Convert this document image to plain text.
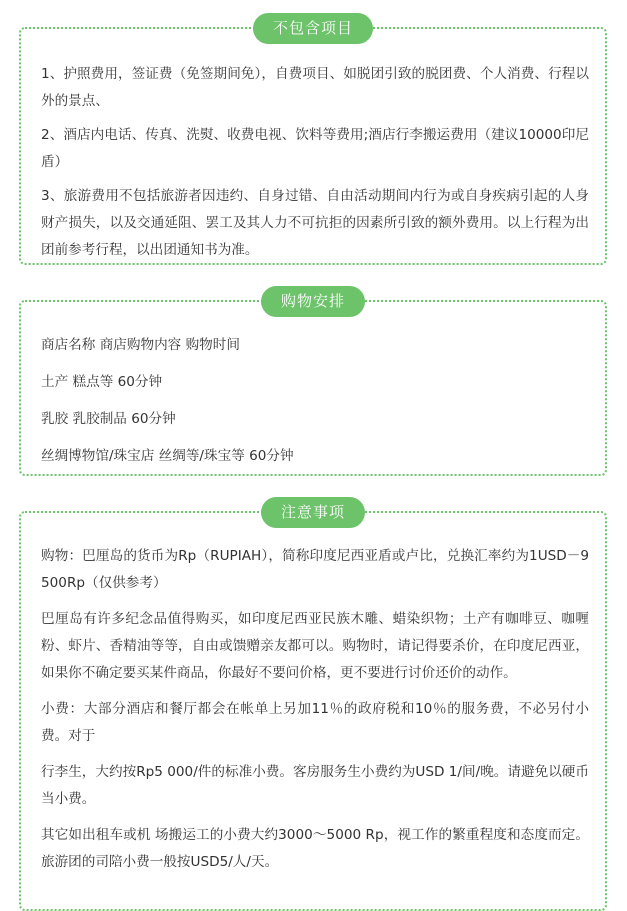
不包含项目

1、护照费用，签证费（免签期间免），自费项目、如脱团引致的脱团费、个人消费、行程以外的景点、

2、酒店内电话、传真、洗熨、收费电视、饮料等费用;酒店行李搬运费用（建议10000印尼盾）

3、旅游费用不包括旅游者因违约、自身过错、自由活动期间内行为或自身疾病引起的人身财产损失，以及交通延阻、罢工及其人力不可抗拒的因素所引致的额外费用。以上行程为出团前参考行程，以出团通知书为准。

购物安排

商店名称 商店购物内容 购物时间

土产 糕点等 60分钟

乳胶 乳胶制品 60分钟

丝绸博物馆/珠宝店 丝绸等/珠宝等 60分钟

注意事项

购物：巴厘岛的货币为Rp（RUPIAH），简称印度尼西亚盾或卢比，兑换汇率约为1USD－9500Rp（仅供参考）

巴厘岛有许多纪念品值得购买，如印度尼西亚民族木雕、蜡染织物；土产有咖啡豆、咖喱粉、虾片、香精油等等，自由或馈赠亲友都可以。购物时，请记得要杀价，在印度尼西亚，如果你不确定要买某件商品，你最好不要问价格，更不要进行讨价还价的动作。

小费：大部分酒店和餐厅都会在帐单上另加11％的政府税和10％的服务费，不必另付小费。对于

行李生，大约按Rp5 000/件的标准小费。客房服务生小费约为USD 1/间/晚。请避免以硬币当小费。

其它如出租车或机 场搬运工的小费大约3000～5000 Rp，视工作的繁重程度和态度而定。旅游团的司陪小费一般按USD5/人/天。
